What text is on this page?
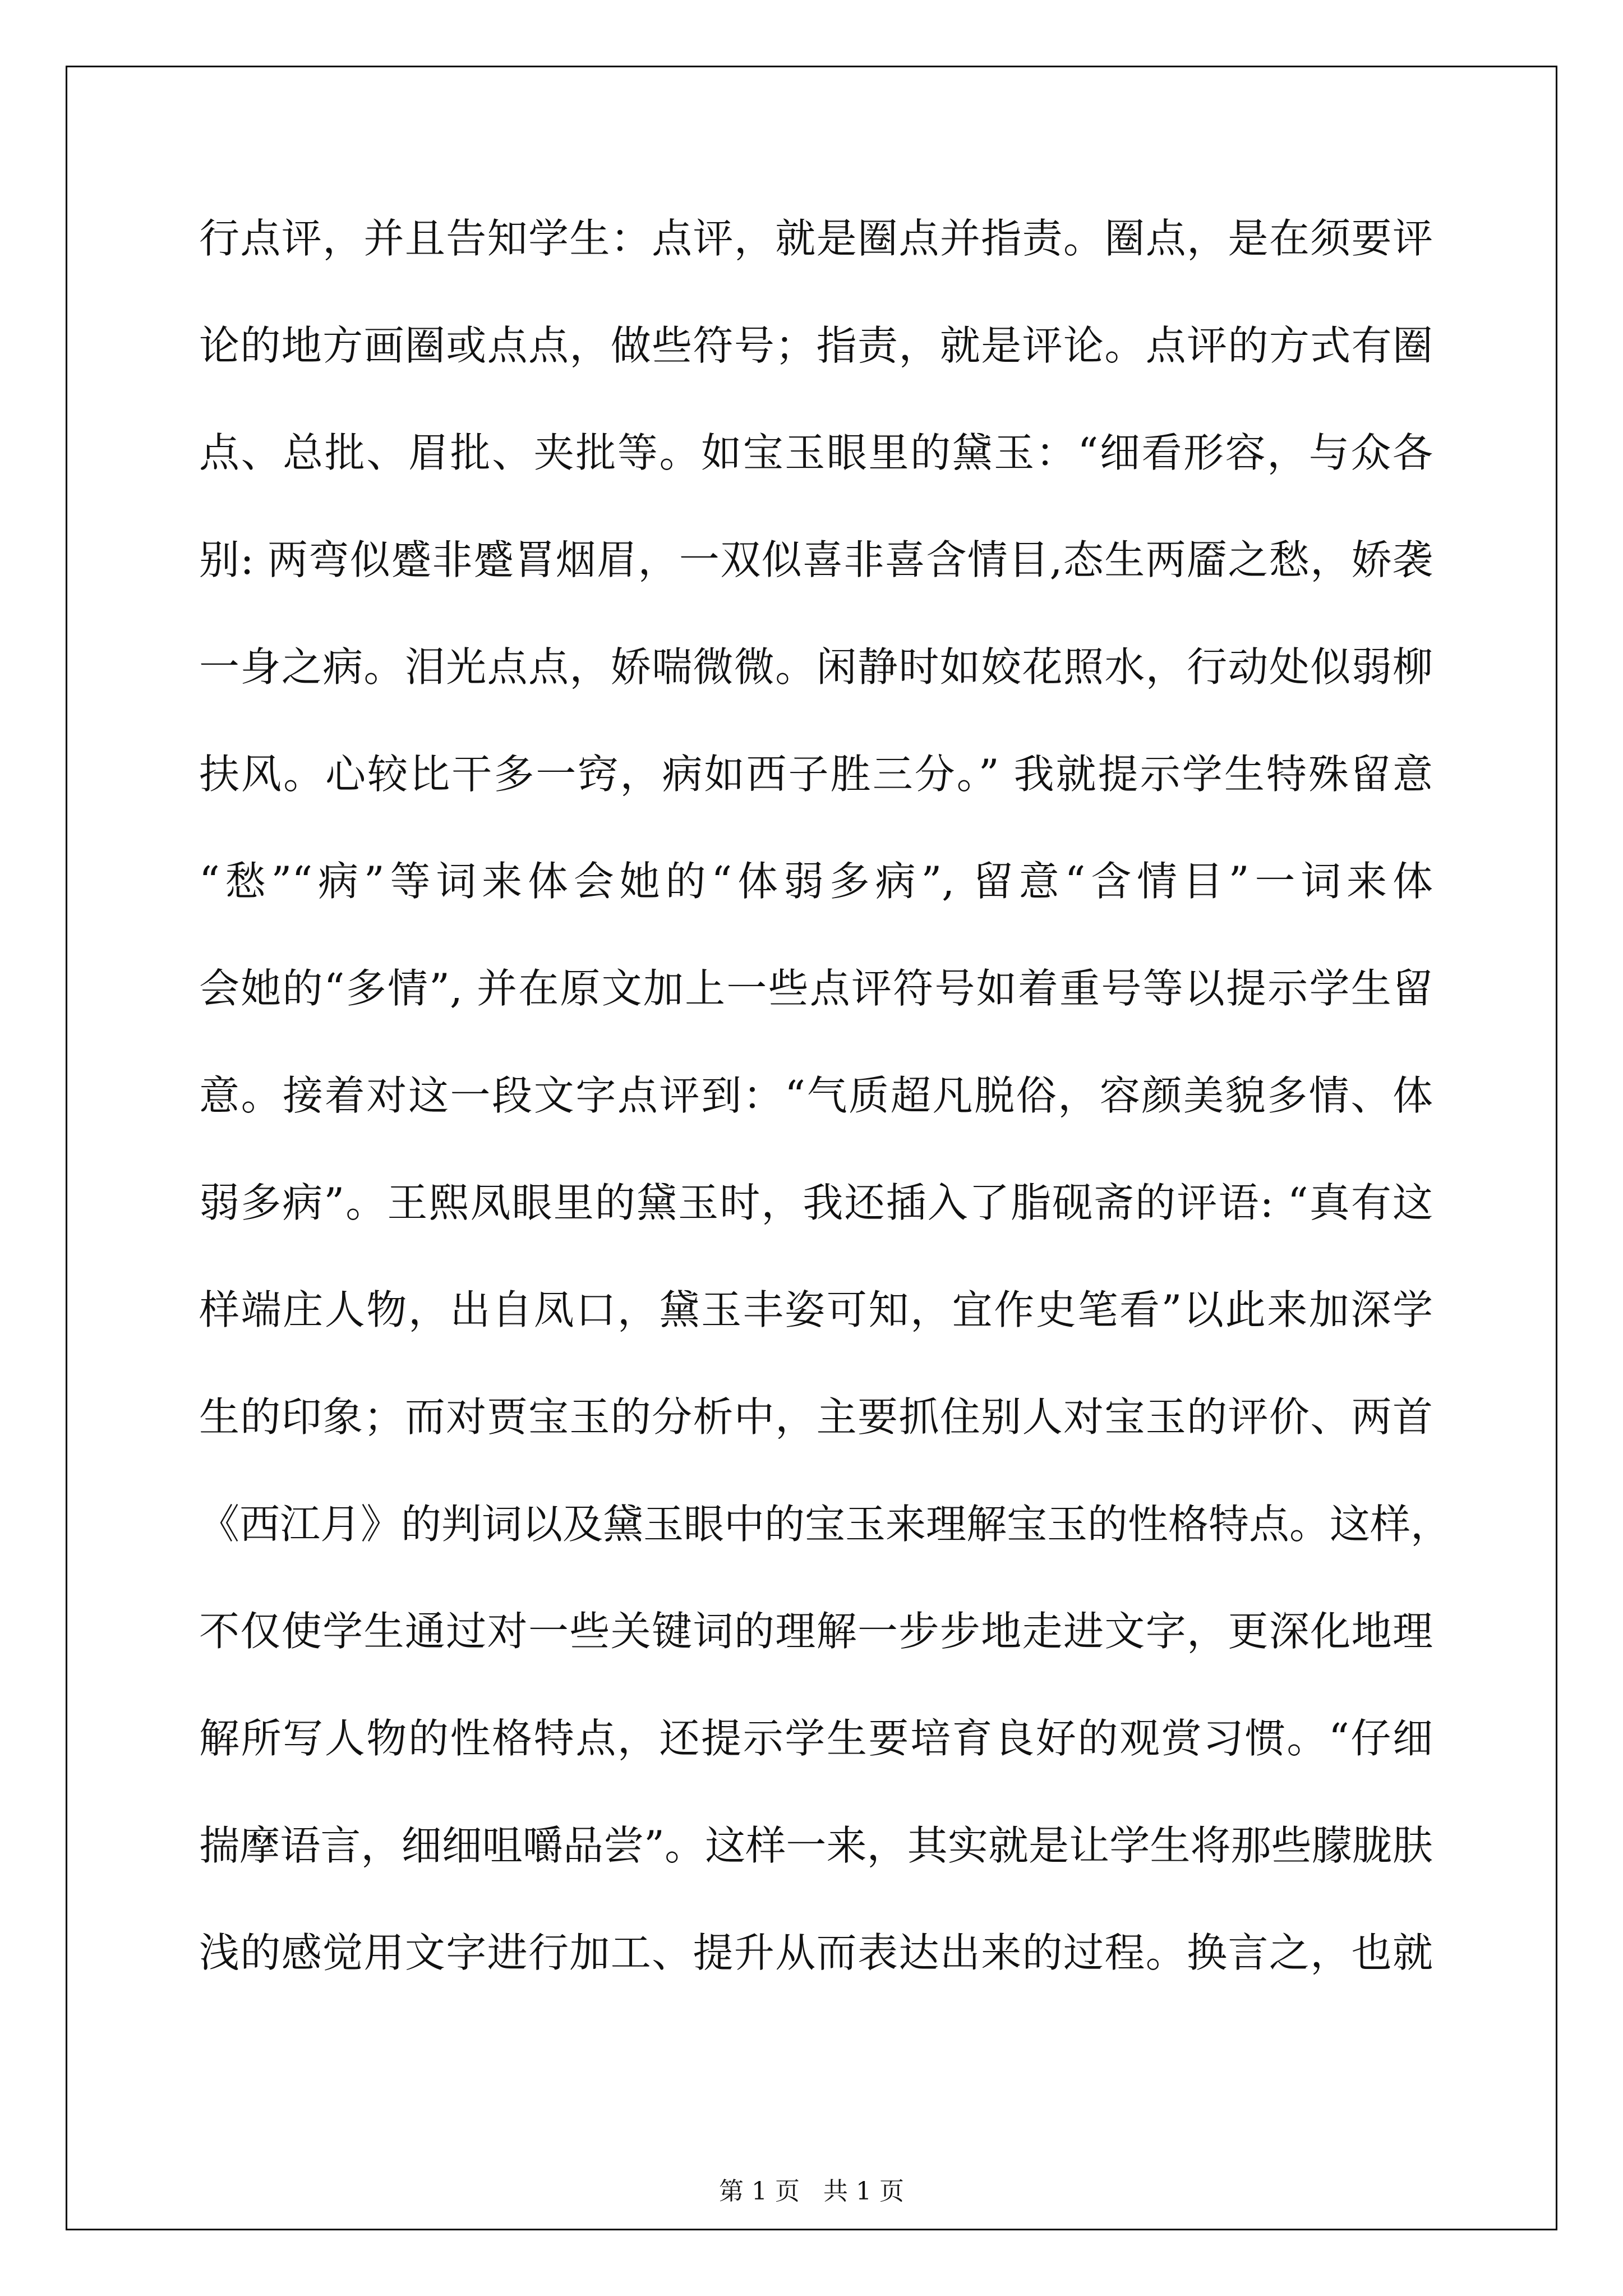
行点评，并且告知学生：点评，就是圈点并指责。圈点，是在须要评
论的地方画圈或点点，做些符号；指责，就是评论。点评的方式有圈
点、总批、眉批、夹批等。如宝玉眼里的黛玉：“细看形容，与众各
别: 两弯似蹙非蹙罥烟眉，一双似喜非喜含情目,态生两靥之愁，娇袭
一身之病。泪光点点，娇喘微微。闲静时如姣花照水，行动处似弱柳
扶风。心较比干多一窍，病如西子胜三分。” 我就提示学生特殊留意
“愁”“病”等词来体会她的“体弱多病”, 留意“含情目”一词来体
会她的“多情”, 并在原文加上一些点评符号如着重号等以提示学生留
意。接着对这一段文字点评到：“气质超凡脱俗，容颜美貌多情、体
弱多病”。王熙凤眼里的黛玉时，我还插入了脂砚斋的评语: “真有这
样端庄人物，出自凤口，黛玉丰姿可知，宜作史笔看”以此来加深学
生的印象；而对贾宝玉的分析中，主要抓住别人对宝玉的评价、两首
《西江月》的判词以及黛玉眼中的宝玉来理解宝玉的性格特点。这样，
不仅使学生通过对一些关键词的理解一步步地走进文字，更深化地理
解所写人物的性格特点，还提示学生要培育良好的观赏习惯。“仔细
揣摩语言，细细咀嚼品尝”。这样一来，其实就是让学生将那些朦胧肤
浅的感觉用文字进行加工、提升从而表达出来的过程。换言之，也就
第 1 页   共 1 页
